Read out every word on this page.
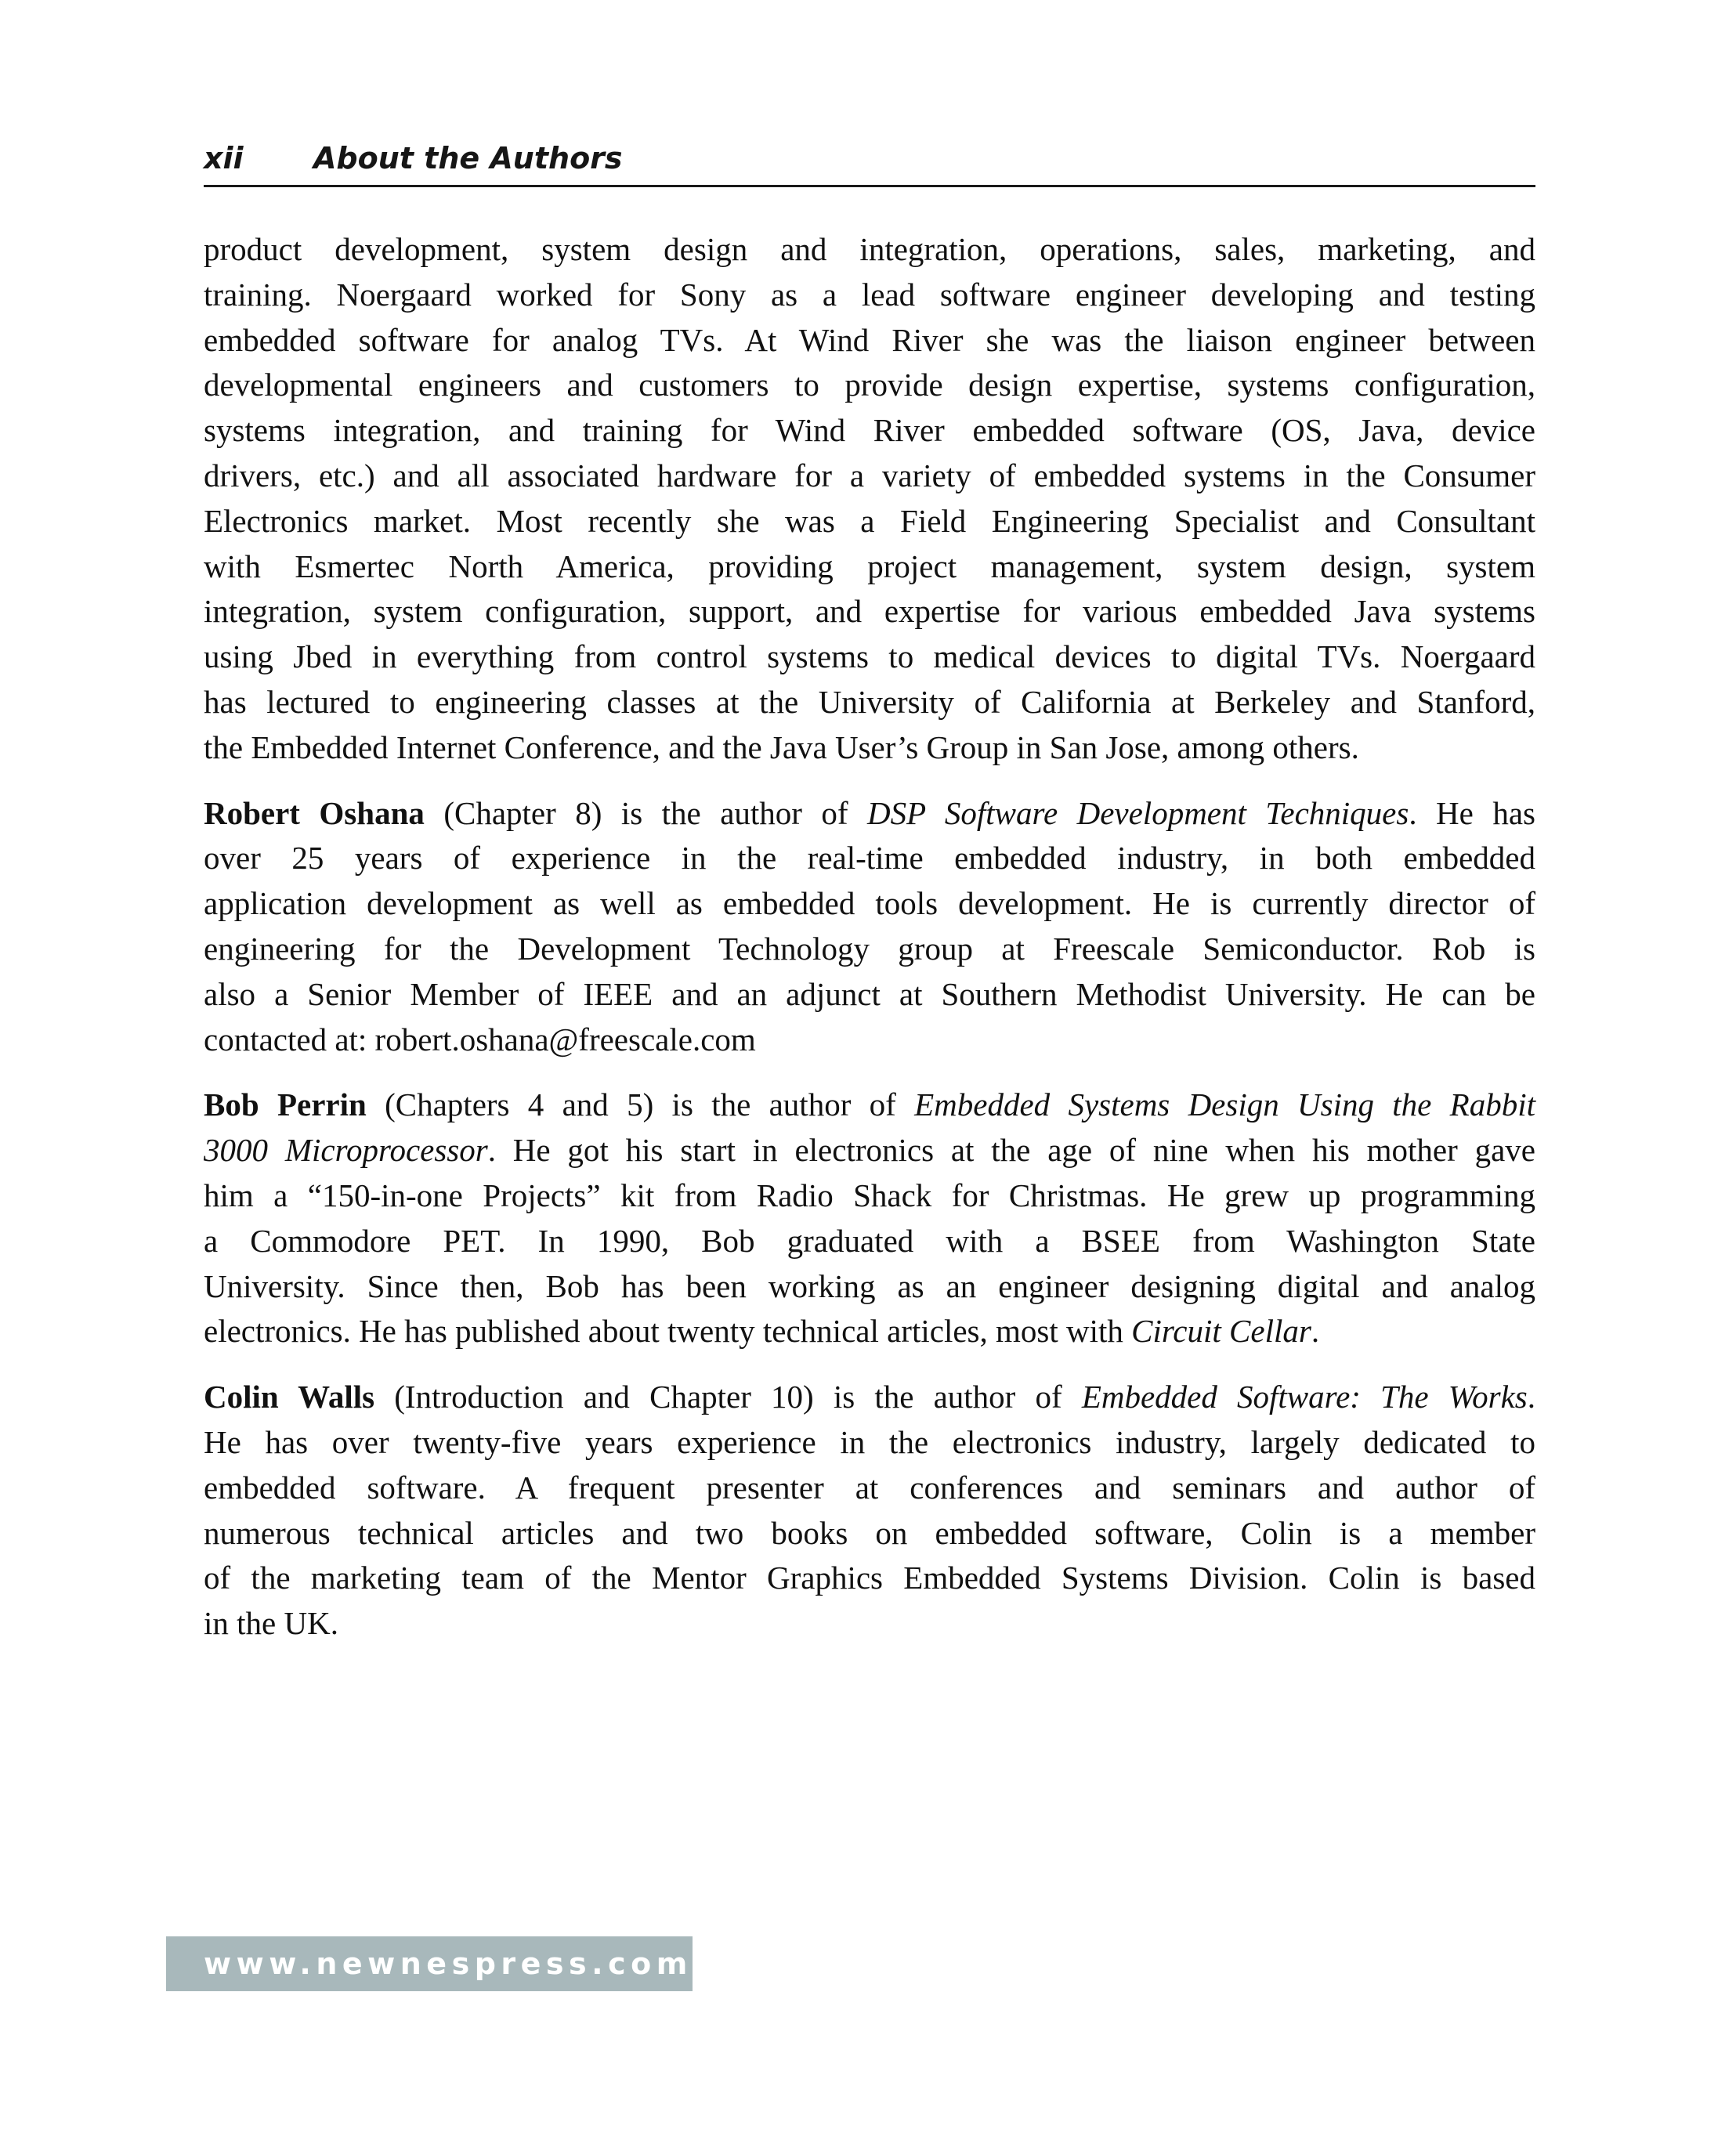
xii About the Authors

product development, system design and integration, operations, sales, marketing, and
training. Noergaard worked for Sony as a lead software engineer developing and testing
embedded software for analog TVs. At Wind River she was the liaison engineer between
developmental engineers and customers to provide design expertise, systems configuration,
systems integration, and training for Wind River embedded software (OS, Java, device
drivers, etc.) and all associated hardware for a variety of embedded systems in the Consumer
Electronics market. Most recently she was a Field Engineering Specialist and Consultant
with Esmertec North America, providing project management, system design, system
integration, system configuration, support, and expertise for various embedded Java systems
using Jbed in everything from control systems to medical devices to digital TVs. Noergaard
has lectured to engineering classes at the University of California at Berkeley and Stanford,
the Embedded Internet Conference, and the Java User’s Group in San Jose, among others.

Robert Oshana (Chapter 8) is the author of DSP Software Development Techniques. He has
over 25 years of experience in the real-time embedded industry, in both embedded
application development as well as embedded tools development. He is currently director of
engineering for the Development Technology group at Freescale Semiconductor. Rob is
also a Senior Member of IEEE and an adjunct at Southern Methodist University. He can be
contacted at: robert.oshana@freescale.com

Bob Perrin (Chapters 4 and 5) is the author of Embedded Systems Design Using the Rabbit
3000 Microprocessor. He got his start in electronics at the age of nine when his mother gave
him a “150-in-one Projects” kit from Radio Shack for Christmas. He grew up programming
a Commodore PET. In 1990, Bob graduated with a BSEE from Washington State
University. Since then, Bob has been working as an engineer designing digital and analog
electronics. He has published about twenty technical articles, most with Circuit Cellar.

Colin Walls (Introduction and Chapter 10) is the author of Embedded Software: The Works.
He has over twenty-five years experience in the electronics industry, largely dedicated to
embedded software. A frequent presenter at conferences and seminars and author of
numerous technical articles and two books on embedded software, Colin is a member
of the marketing team of the Mentor Graphics Embedded Systems Division. Colin is based
in the UK.

www.newnespress.com
